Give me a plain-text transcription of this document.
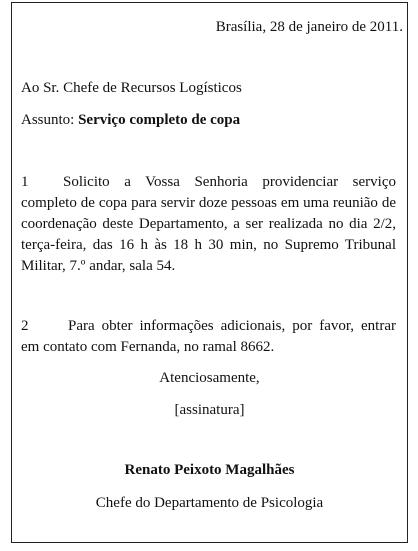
Brasília, 28 de janeiro de 2011.
Ao Sr. Chefe de Recursos Logísticos
Assunto: Serviço completo de copa
1 Solicito a Vossa Senhoria providenciar serviço completo de copa para servir doze pessoas em uma reunião de coordenação deste Departamento, a ser realizada no dia 2/2, terça-feira, das 16 h às 18 h 30 min, no Supremo Tribunal Militar, 7.º andar, sala 54.
2	Para obter informações adicionais, por favor, entrar em contato com Fernanda, no ramal 8662.
Atenciosamente,
[assinatura]
Renato Peixoto Magalhães
Chefe do Departamento de Psicologia
